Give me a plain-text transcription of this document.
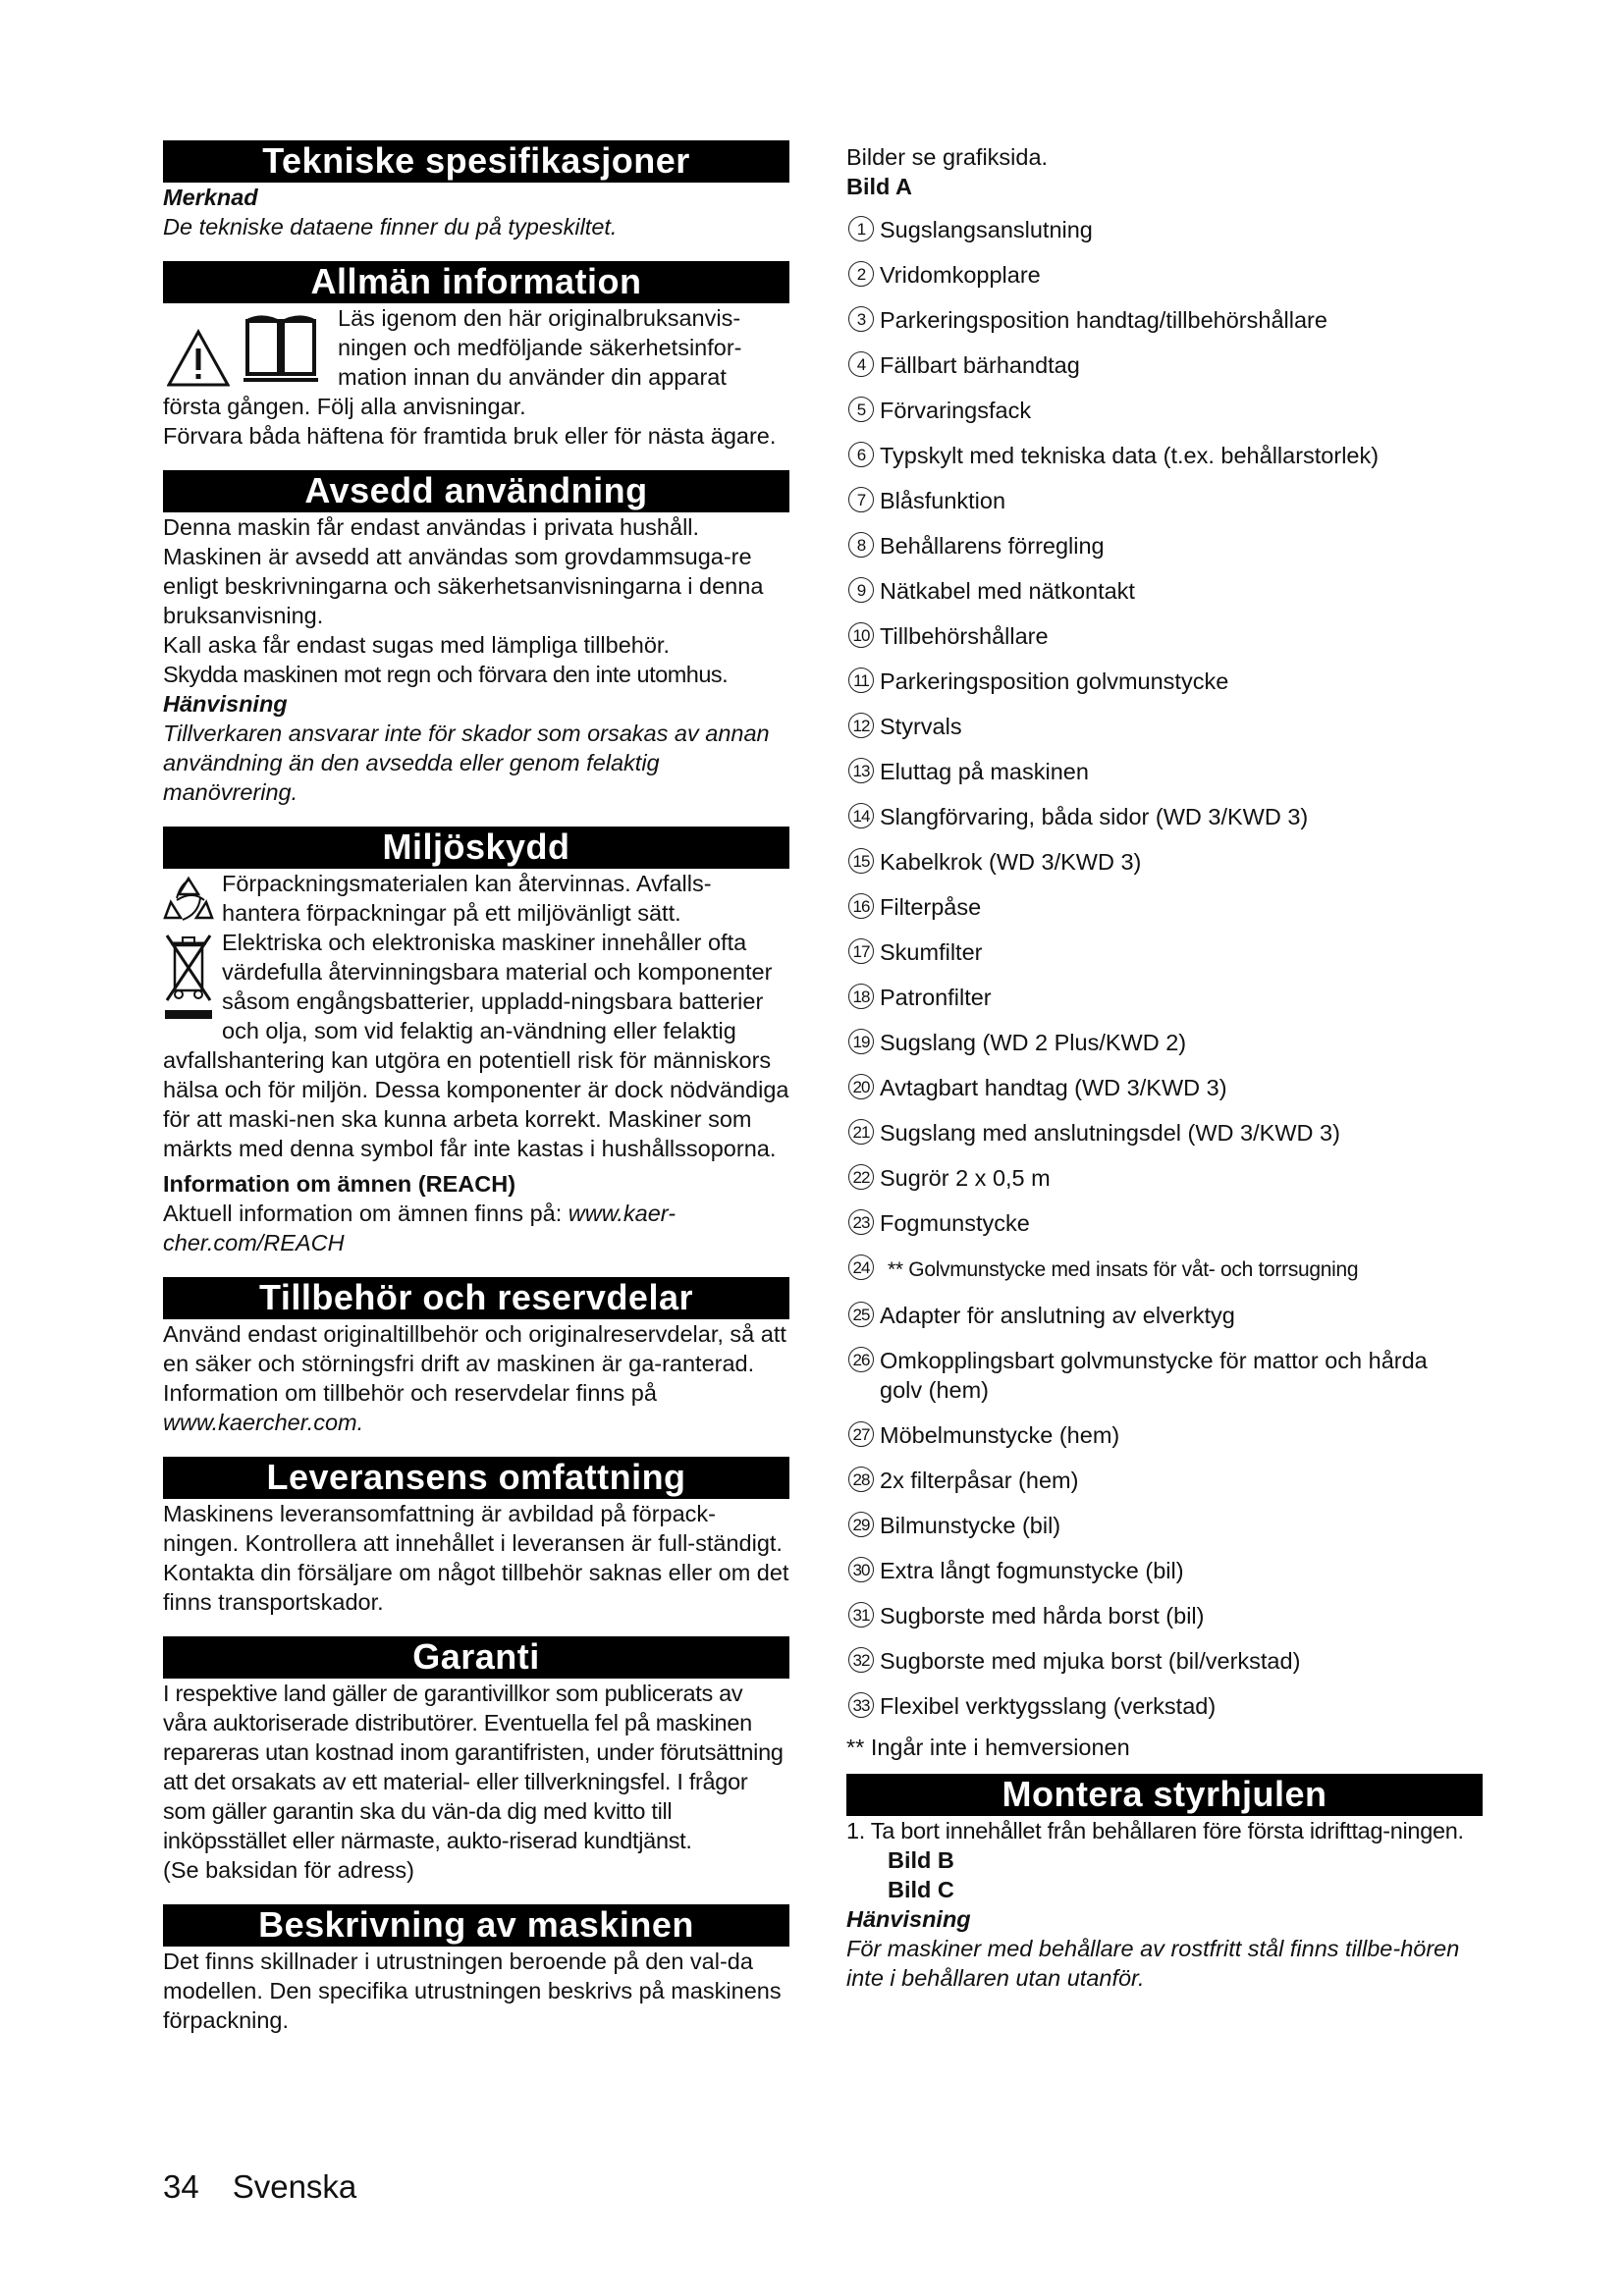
Tekniske spesifikasjoner

Merknad

De tekniske dataene finner du på typeskiltet.

Allmän information

Läs igenom den här originalbruksanvis-

ningen och medföljande säkerhetsinfor-

mation innan du använder din apparat

första gången. Följ alla anvisningar.

Förvara båda häftena för framtida bruk eller för nästa ägare.

Avsedd användning

Denna maskin får endast användas i privata hushåll.

Maskinen är avsedd att användas som grovdammsuga-re enligt beskrivningarna och säkerhetsanvisningarna i denna bruksanvisning.

Kall aska får endast sugas med lämpliga tillbehör.

Skydda maskinen mot regn och förvara den inte utomhus.

Hänvisning

Tillverkaren ansvarar inte för skador som orsakas av annan användning än den avsedda eller genom felaktig manövrering.

Miljöskydd

Förpackningsmaterialen kan återvinnas. Avfalls-hantera förpackningar på ett miljövänligt sätt.

Elektriska och elektroniska maskiner innehåller ofta värdefulla återvinningsbara material och komponenter såsom engångsbatterier, uppladd-ningsbara batterier och olja, som vid felaktig an-vändning eller felaktig avfallshantering kan utgöra en potentiell risk för människors hälsa och för miljön. Dessa komponenter är dock nödvändiga för att maski-nen ska kunna arbeta korrekt. Maskiner som märkts med denna symbol får inte kastas i hushållssoporna.

Information om ämnen (REACH)

Aktuell information om ämnen finns på: www.kaer-cher.com/REACH

Tillbehör och reservdelar

Använd endast originaltillbehör och originalreservdelar, så att en säker och störningsfri drift av maskinen är ga-ranterad.

Information om tillbehör och reservdelar finns på

www.kaercher.com.

Leveransens omfattning

Maskinens leveransomfattning är avbildad på förpack-ningen. Kontrollera att innehållet i leveransen är full-ständigt. Kontakta din försäljare om något tillbehör saknas eller om det finns transportskador.

Garanti

I respektive land gäller de garantivillkor som publicerats av våra auktoriserade distributörer. Eventuella fel på maskinen repareras utan kostnad inom garantifristen, under förutsättning att det orsakats av ett material- eller tillverkningsfel. I frågor som gäller garantin ska du vän-da dig med kvitto till inköpsstället eller närmaste, aukto-riserad kundtjänst.

(Se baksidan för adress)

Beskrivning av maskinen

Det finns skillnader i utrustningen beroende på den val-da modellen. Den specifika utrustningen beskrivs på maskinens förpackning.

Bilder se grafiksida.

Bild A

1 Sugslangsanslutning
2 Vridomkopplare
3 Parkeringsposition handtag/tillbehörshållare
4 Fällbart bärhandtag
5 Förvaringsfack
6 Typskylt med tekniska data (t.ex. behållarstorlek)
7 Blåsfunktion
8 Behållarens förregling
9 Nätkabel med nätkontakt
10 Tillbehörshållare
11 Parkeringsposition golvmunstycke
12 Styrvals
13 Eluttag på maskinen
14 Slangförvaring, båda sidor (WD 3/KWD 3)
15 Kabelkrok (WD 3/KWD 3)
16 Filterpåse
17 Skumfilter
18 Patronfilter
19 Sugslang (WD 2 Plus/KWD 2)
20 Avtagbart handtag (WD 3/KWD 3)
21 Sugslang med anslutningsdel (WD 3/KWD 3)
22 Sugrör 2 x 0,5 m
23 Fogmunstycke
24 ** Golvmunstycke med insats för våt- och torrsugning
25 Adapter för anslutning av elverktyg
26 Omkopplingsbart golvmunstycke för mattor och hårda golv (hem)
27 Möbelmunstycke (hem)
28 2x filterpåsar (hem)
29 Bilmunstycke (bil)
30 Extra långt fogmunstycke (bil)
31 Sugborste med hårda borst (bil)
32 Sugborste med mjuka borst (bil/verkstad)
33 Flexibel verktygsslang (verkstad)

** Ingår inte i hemversionen

Montera styrhjulen

1. Ta bort innehållet från behållaren före första idrifttag-ningen.

Bild B

Bild C

Hänvisning

För maskiner med behållare av rostfritt stål finns tillbe-hören inte i behållaren utan utanför.

34 Svenska
